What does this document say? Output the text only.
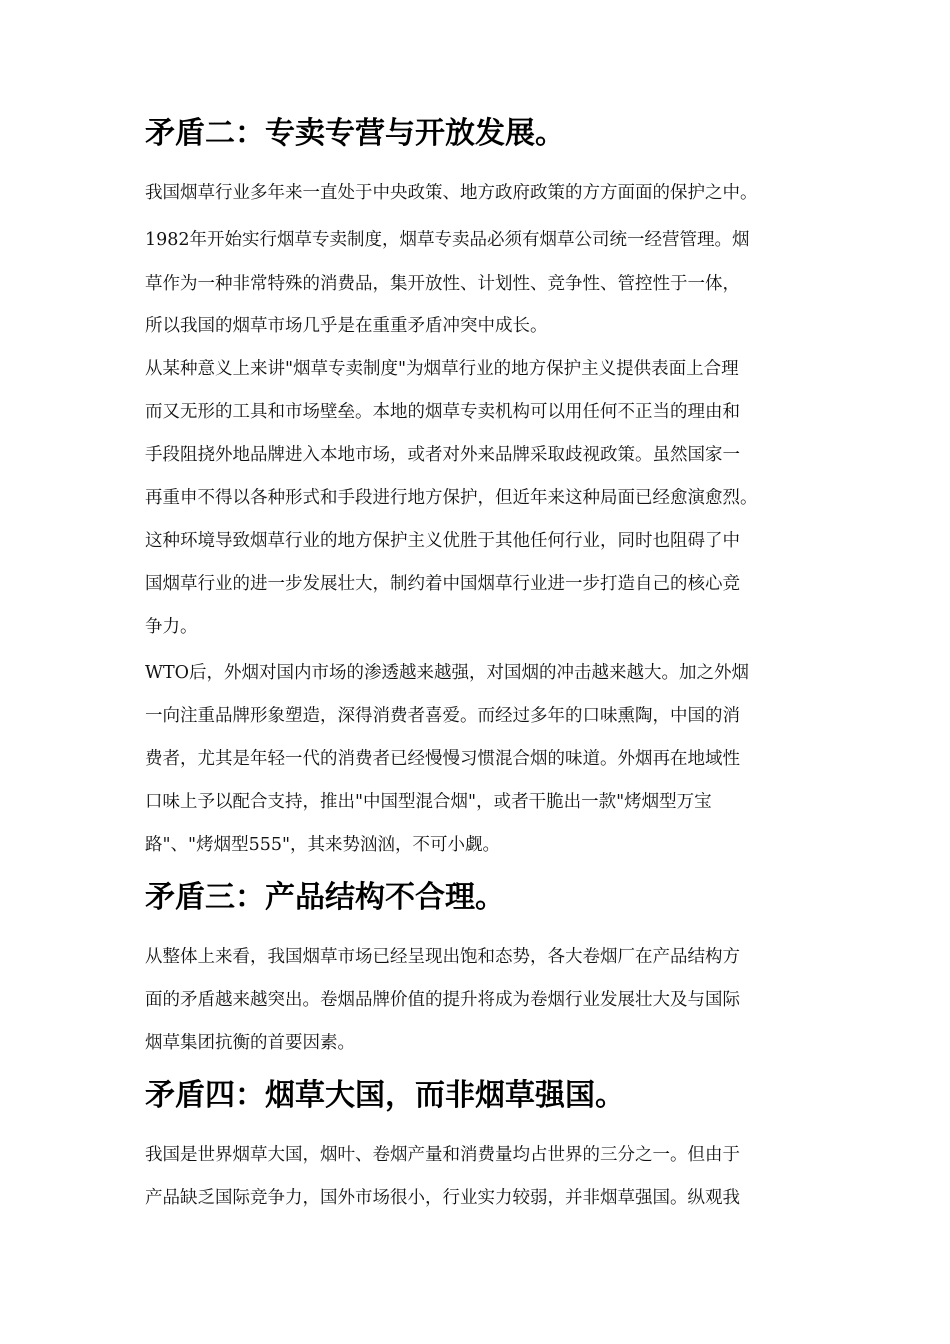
矛盾二：专卖专营与开放发展。

我国烟草行业多年来一直处于中央政策、地方政府政策的方方面面的保护之中。

1982年开始实行烟草专卖制度，烟草专卖品必须有烟草公司统一经营管理。烟

草作为一种非常特殊的消费品，集开放性、计划性、竞争性、管控性于一体，

所以我国的烟草市场几乎是在重重矛盾冲突中成长。

从某种意义上来讲"烟草专卖制度"为烟草行业的地方保护主义提供表面上合理

而又无形的工具和市场壁垒。本地的烟草专卖机构可以用任何不正当的理由和

手段阻挠外地品牌进入本地市场，或者对外来品牌采取歧视政策。虽然国家一

再重申不得以各种形式和手段进行地方保护，但近年来这种局面已经愈演愈烈。

这种环境导致烟草行业的地方保护主义优胜于其他任何行业，同时也阻碍了中

国烟草行业的进一步发展壮大，制约着中国烟草行业进一步打造自己的核心竞

争力。

WTO后，外烟对国内市场的渗透越来越强，对国烟的冲击越来越大。加之外烟

一向注重品牌形象塑造，深得消费者喜爱。而经过多年的口味熏陶，中国的消

费者，尤其是年轻一代的消费者已经慢慢习惯混合烟的味道。外烟再在地域性

口味上予以配合支持，推出"中国型混合烟"，或者干脆出一款"烤烟型万宝

路"、"烤烟型555"，其来势汹汹，不可小觑。

矛盾三：产品结构不合理。

从整体上来看，我国烟草市场已经呈现出饱和态势，各大卷烟厂在产品结构方

面的矛盾越来越突出。卷烟品牌价值的提升将成为卷烟行业发展壮大及与国际

烟草集团抗衡的首要因素。

矛盾四：烟草大国，而非烟草强国。

我国是世界烟草大国，烟叶、卷烟产量和消费量均占世界的三分之一。但由于

产品缺乏国际竞争力，国外市场很小，行业实力较弱，并非烟草强国。纵观我
